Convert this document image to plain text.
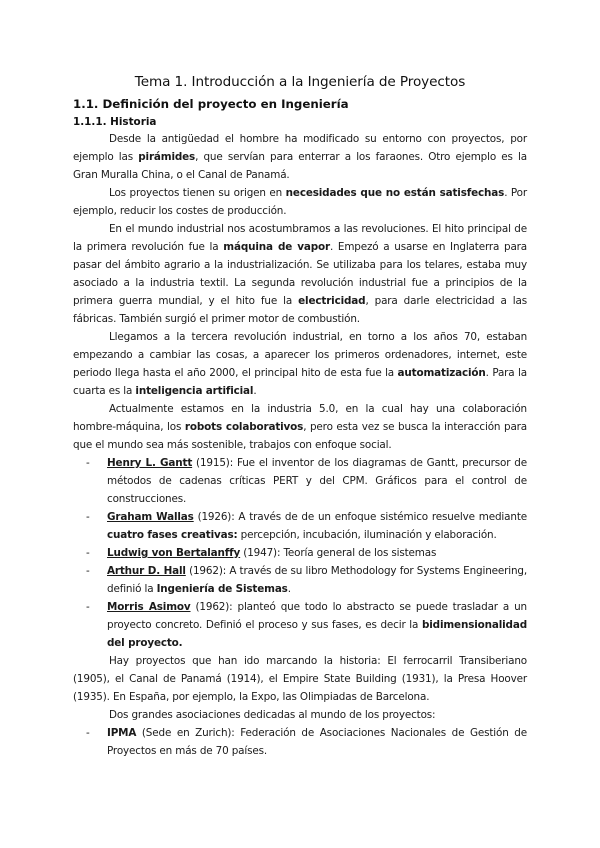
Tema 1. Introducción a la Ingeniería de Proyectos
1.1. Definición del proyecto en Ingeniería
1.1.1. Historia

Desde la antigüedad el hombre ha modificado su entorno con proyectos, por ejemplo las pirámides, que servían para enterrar a los faraones. Otro ejemplo es la Gran Muralla China, o el Canal de Panamá.

Los proyectos tienen su origen en necesidades que no están satisfechas. Por ejemplo, reducir los costes de producción.

En el mundo industrial nos acostumbramos a las revoluciones. El hito principal de la primera revolución fue la máquina de vapor. Empezó a usarse en Inglaterra para pasar del ámbito agrario a la industrialización. Se utilizaba para los telares, estaba muy asociado a la industria textil. La segunda revolución industrial fue a principios de la primera guerra mundial, y el hito fue la electricidad, para darle electricidad a las fábricas. También surgió el primer motor de combustión.

Llegamos a la tercera revolución industrial, en torno a los años 70, estaban empezando a cambiar las cosas, a aparecer los primeros ordenadores, internet, este periodo llega hasta el año 2000, el principal hito de esta fue la automatización. Para la cuarta es la inteligencia artificial.

Actualmente estamos en la industria 5.0, en la cual hay una colaboración hombre-máquina, los robots colaborativos, pero esta vez se busca la interacción para que el mundo sea más sostenible, trabajos con enfoque social.

- Henry L. Gantt (1915): Fue el inventor de los diagramas de Gantt, precursor de métodos de cadenas críticas PERT y del CPM. Gráficos para el control de construcciones.
- Graham Wallas (1926): A través de de un enfoque sistémico resuelve mediante cuatro fases creativas: percepción, incubación, iluminación y elaboración.
- Ludwig von Bertalanffy (1947): Teoría general de los sistemas
- Arthur D. Hall (1962): A través de su libro Methodology for Systems Engineering, definió la Ingeniería de Sistemas.
- Morris Asimov (1962): planteó que todo lo abstracto se puede trasladar a un proyecto concreto. Definió el proceso y sus fases, es decir la bidimensionalidad del proyecto.

Hay proyectos que han ido marcando la historia: El ferrocarril Transiberiano (1905), el Canal de Panamá (1914), el Empire State Building (1931), la Presa Hoover (1935). En España, por ejemplo, la Expo, las Olimpiadas de Barcelona.

Dos grandes asociaciones dedicadas al mundo de los proyectos:

- IPMA (Sede en Zurich): Federación de Asociaciones Nacionales de Gestión de Proyectos en más de 70 países.
